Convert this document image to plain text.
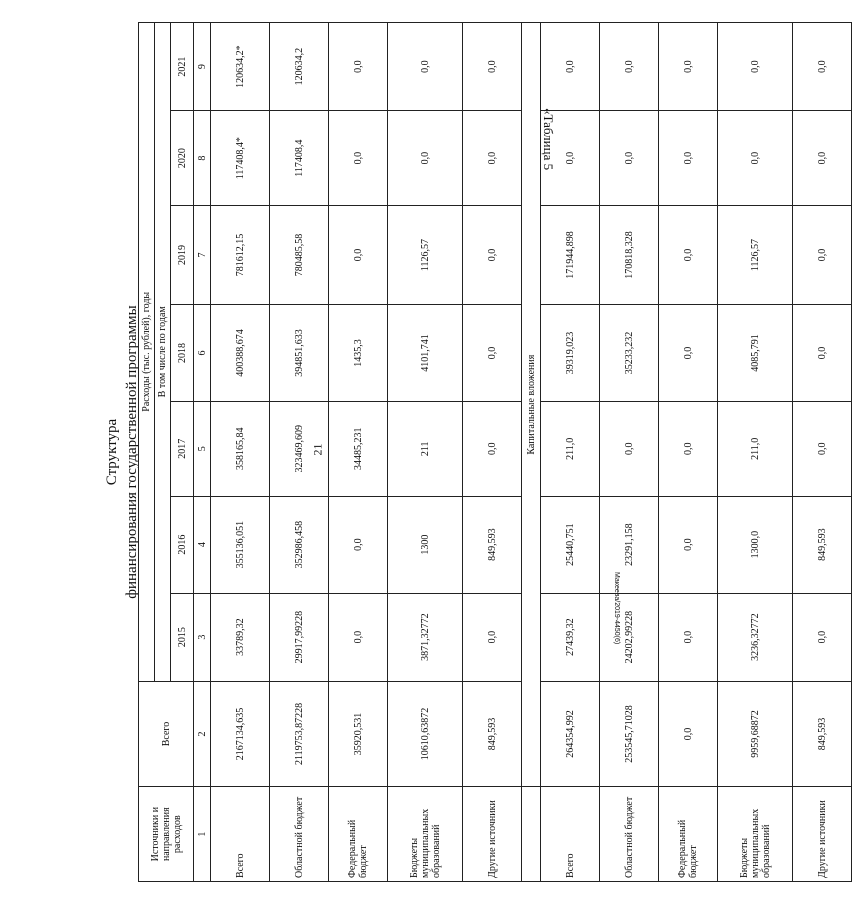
21
«Таблица 5
Макеева/2019-4450(6)
Структура финансирования государственной программы
Источники и направления расходов	Всего	Расходы (тыс. рублей), годы						
		В том числе по годам						
		2015	2016	2017	2018	2019	2020	2021
1	2	3	4	5	6	7	8	9
Всего	2167134,635	33789,32	355136,051	358165,84	400388,674	781612,15	117408,4*	120634,2*
Областной бюджет	2119753,87228	29917,99228	352986,458	323469,609	394851,633	780485,58	117408,4	120634,2
Федеральный бюджет	35920,531	0,0	0,0	34485,231	1435,3	0,0	0,0	0,0
Бюджеты муниципальных образований	10610,63872	3871,32772	1300	211	4101,741	1126,57	0,0	0,0
Другие источники	849,593	0,0	849,593	0,0	0,0	0,0	0,0	0,0
	Капитальные вложения							
Всего	264354,992	27439,32	25440,751	211,0	39319,023	171944,898	0,0	0,0
Областной бюджет	253545,71028	24202,99228	23291,158	0,0	35233,232	170818,328	0,0	0,0
Федеральный бюджет	0,0	0,0	0,0	0,0	0,0	0,0	0,0	0,0
Бюджеты муниципальных образований	9959,68872	3236,32772	1300,0	211,0	4085,791	1126,57	0,0	0,0
Другие источники	849,593	0,0	849,593	0,0	0,0	0,0	0,0	0,0
